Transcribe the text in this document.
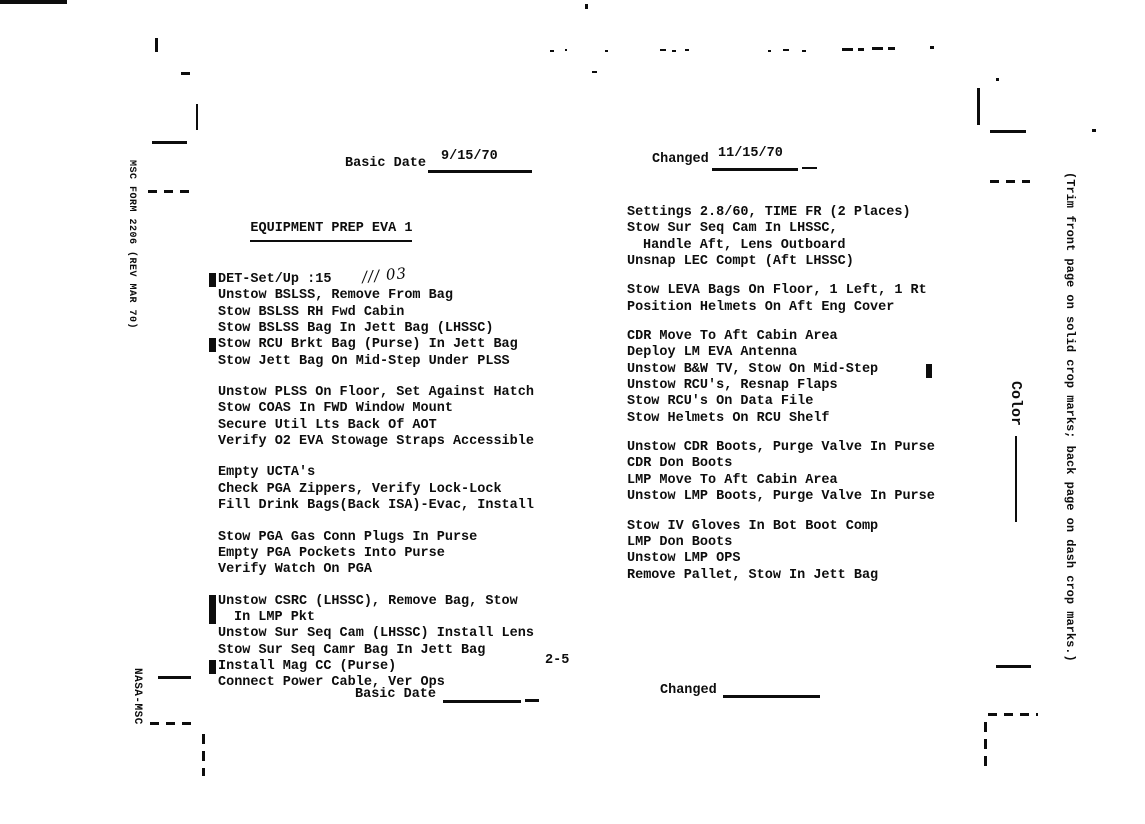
Basic Date 9/15/70	Changed 11/15/70

EQUIPMENT PREP EVA 1

DET-Set/Up :15 /// 03
Unstow BSLSS, Remove From Bag
Stow BSLSS RH Fwd Cabin
Stow BSLSS Bag In Jett Bag (LHSSC)
Stow RCU Brkt Bag (Purse) In Jett Bag
Stow Jett Bag On Mid-Step Under PLSS
Unstow PLSS On Floor, Set Against Hatch
Stow COAS In FWD Window Mount
Secure Util Lts Back Of AOT
Verify O2 EVA Stowage Straps Accessible
Empty UCTA's
Check PGA Zippers, Verify Lock-Lock
Fill Drink Bags(Back ISA)-Evac, Install
Stow PGA Gas Conn Plugs In Purse
Empty PGA Pockets Into Purse
Verify Watch On PGA
Unstow CSRC (LHSSC), Remove Bag, Stow
In LMP Pkt
Unstow Sur Seq Cam (LHSSC) Install Lens
Stow Sur Seq Camr Bag In Jett Bag
Install Mag CC (Purse)
Connect Power Cable, Ver Ops
Settings 2.8/60, TIME FR (2 Places)
Stow Sur Seq Cam In LHSSC,
Handle Aft, Lens Outboard
Unsnap LEC Compt (Aft LHSSC)
Stow LEVA Bags On Floor, 1 Left, 1 Rt
Position Helmets On Aft Eng Cover
CDR Move To Aft Cabin Area
Deploy LM EVA Antenna
Unstow B&W TV, Stow On Mid-Step
Unstow RCU's, Resnap Flaps
Stow RCU's On Data File
Stow Helmets On RCU Shelf
Unstow CDR Boots, Purge Valve In Purse
CDR Don Boots
LMP Move To Aft Cabin Area
Unstow LMP Boots, Purge Valve In Purse
Stow IV Gloves In Bot Boot Comp
LMP Don Boots
Unstow LMP OPS
Remove Pallet, Stow In Jett Bag
2-5
Basic Date	Changed
MSC FORM 2206 (REV MAR 70)
NASA-MSC
(Trim front page on solid crop marks; back page on dash crop marks.)
Color
